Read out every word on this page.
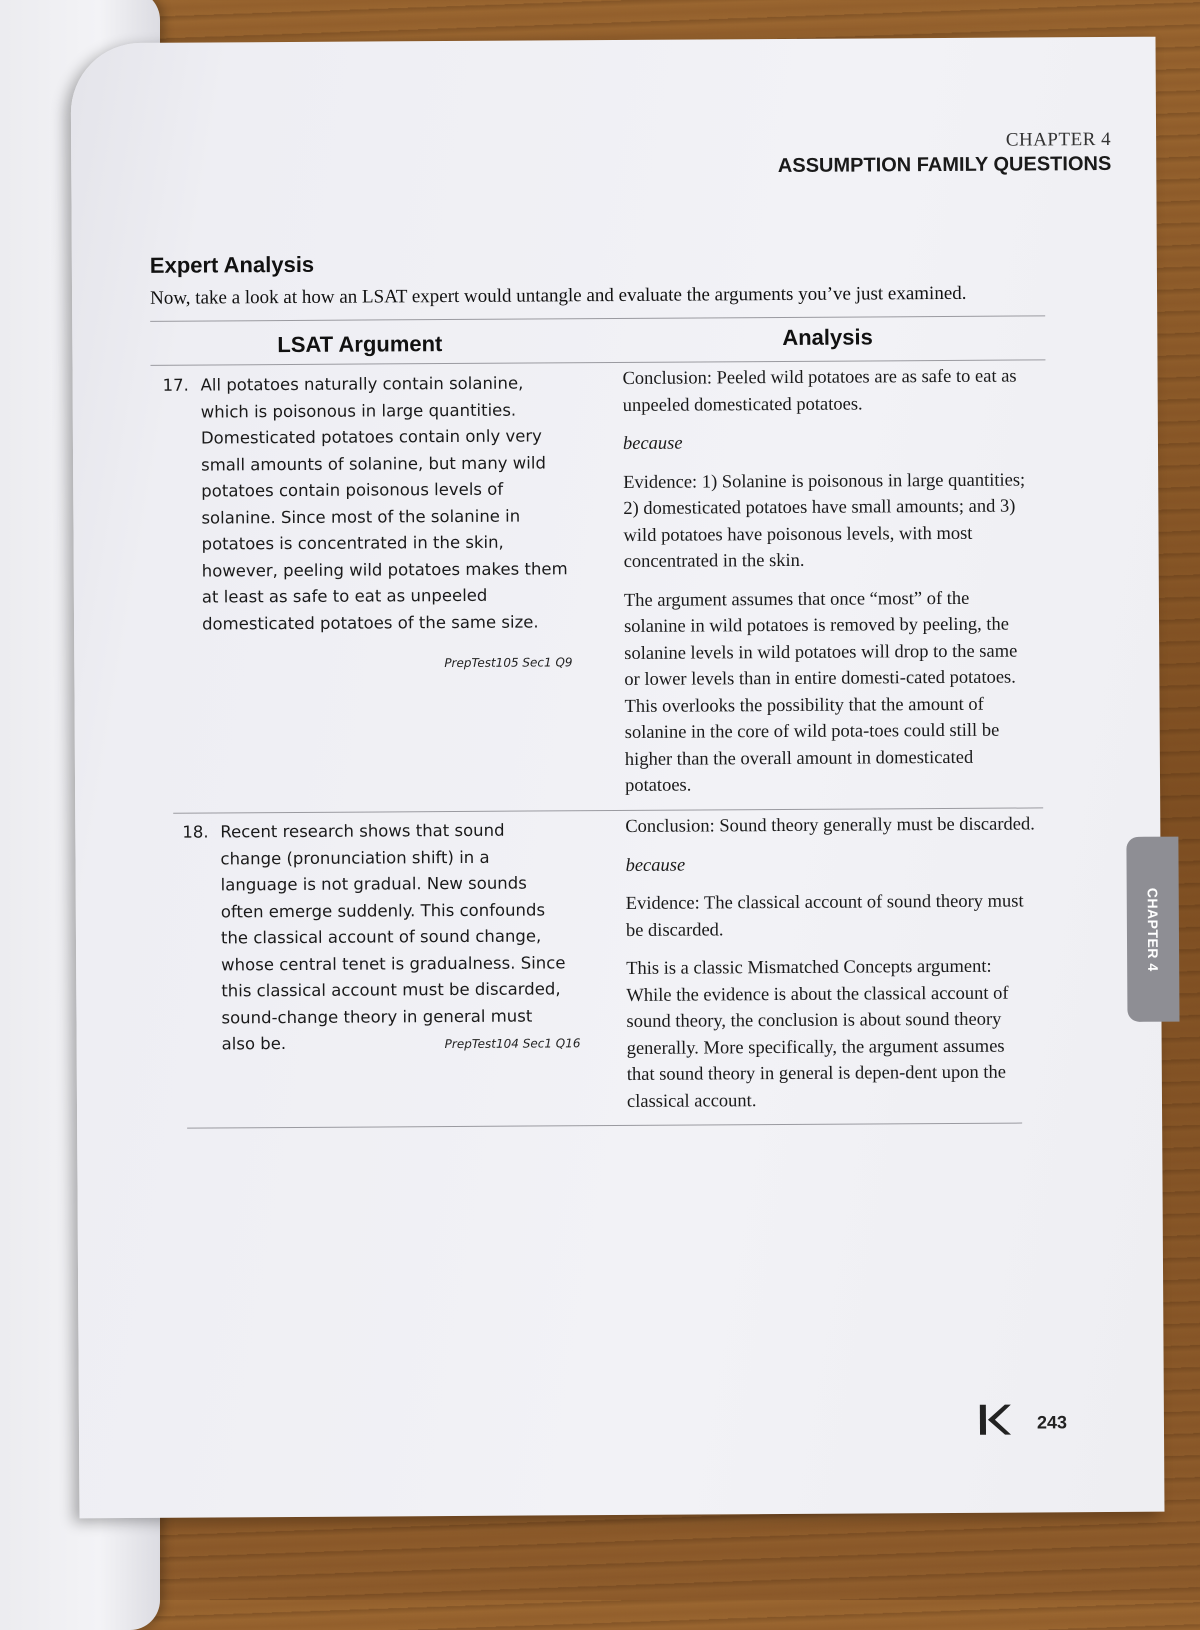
CHAPTER 4
ASSUMPTION FAMILY QUESTIONS
Expert Analysis
Now, take a look at how an LSAT expert would untangle and evaluate the arguments you’ve just examined.
LSAT Argument	Analysis
17. All potatoes naturally contain solanine, which is poisonous in large quantities. Domesticated potatoes contain only very small amounts of solanine, but many wild potatoes contain poisonous levels of solanine. Since most of the solanine in potatoes is concentrated in the skin, however, peeling wild potatoes makes them at least as safe to eat as unpeeled domesticated potatoes of the same size.
PrepTest105 Sec1 Q9

Conclusion: Peeled wild potatoes are as safe to eat as unpeeled domesticated potatoes.

because

Evidence: 1) Solanine is poisonous in large quantities; 2) domesticated potatoes have small amounts; and 3) wild potatoes have poisonous levels, with most concentrated in the skin.

The argument assumes that once “most” of the solanine in wild potatoes is removed by peeling, the solanine levels in wild potatoes will drop to the same or lower levels than in entire domesti-cated potatoes. This overlooks the possibility that the amount of solanine in the core of wild pota-toes could still be higher than the overall amount in domesticated potatoes.

18. Recent research shows that sound change (pronunciation shift) in a language is not gradual. New sounds often emerge suddenly. This confounds the classical account of sound change, whose central tenet is gradualness. Since this classical account must be discarded, sound-change theory in general must also be.	PrepTest104 Sec1 Q16

Conclusion: Sound theory generally must be discarded.

because

Evidence: The classical account of sound theory must be discarded.

This is a classic Mismatched Concepts argument: While the evidence is about the classical account of sound theory, the conclusion is about sound theory generally. More specifically, the argument assumes that sound theory in general is depen-dent upon the classical account.

CHAPTER 4
243
